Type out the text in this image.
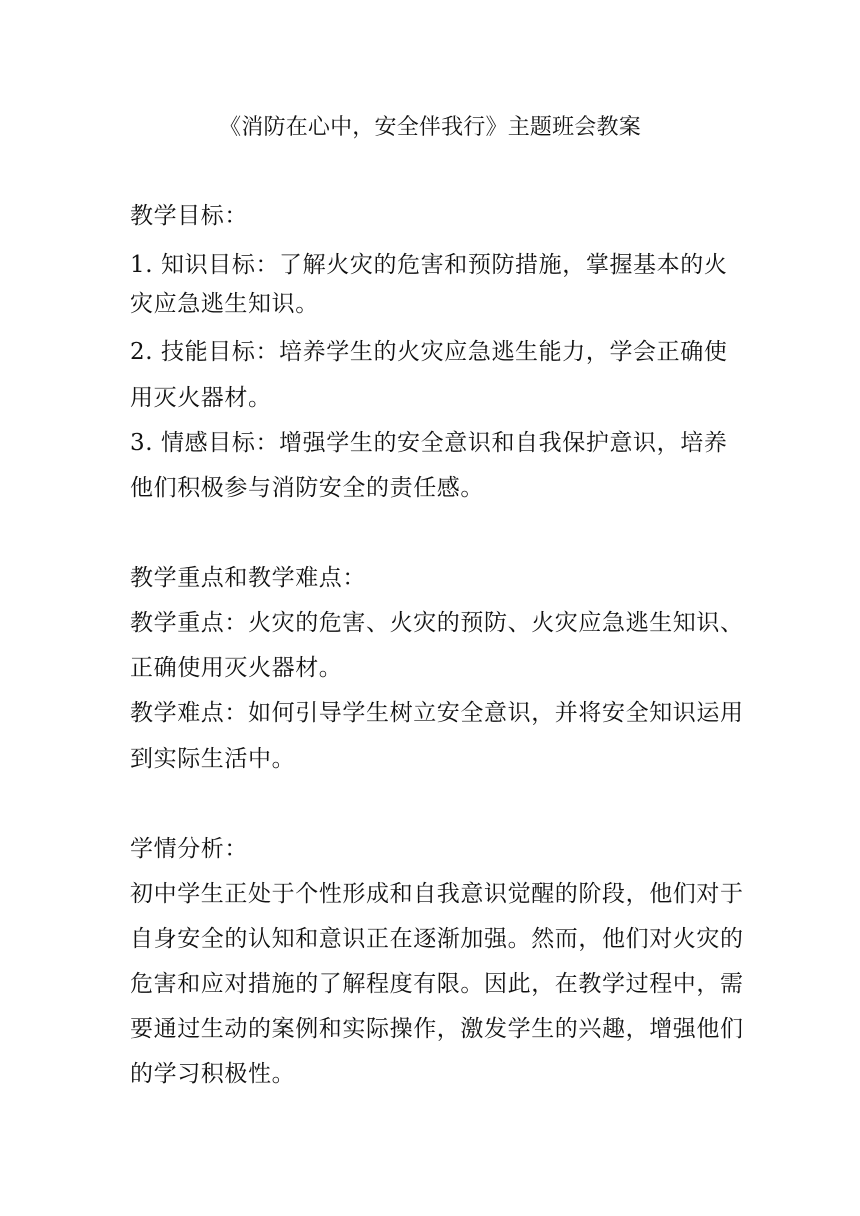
《消防在心中，安全伴我行》主题班会教案
教学目标：
1. 知识目标：了解火灾的危害和预防措施，掌握基本的火
灾应急逃生知识。
2. 技能目标：培养学生的火灾应急逃生能力，学会正确使
用灭火器材。
3. 情感目标：增强学生的安全意识和自我保护意识，培养
他们积极参与消防安全的责任感。
教学重点和教学难点：
教学重点：火灾的危害、火灾的预防、火灾应急逃生知识、
正确使用灭火器材。
教学难点：如何引导学生树立安全意识，并将安全知识运用
到实际生活中。
学情分析：
初中学生正处于个性形成和自我意识觉醒的阶段，他们对于
自身安全的认知和意识正在逐渐加强。然而，他们对火灾的
危害和应对措施的了解程度有限。因此，在教学过程中，需
要通过生动的案例和实际操作，激发学生的兴趣，增强他们
的学习积极性。
